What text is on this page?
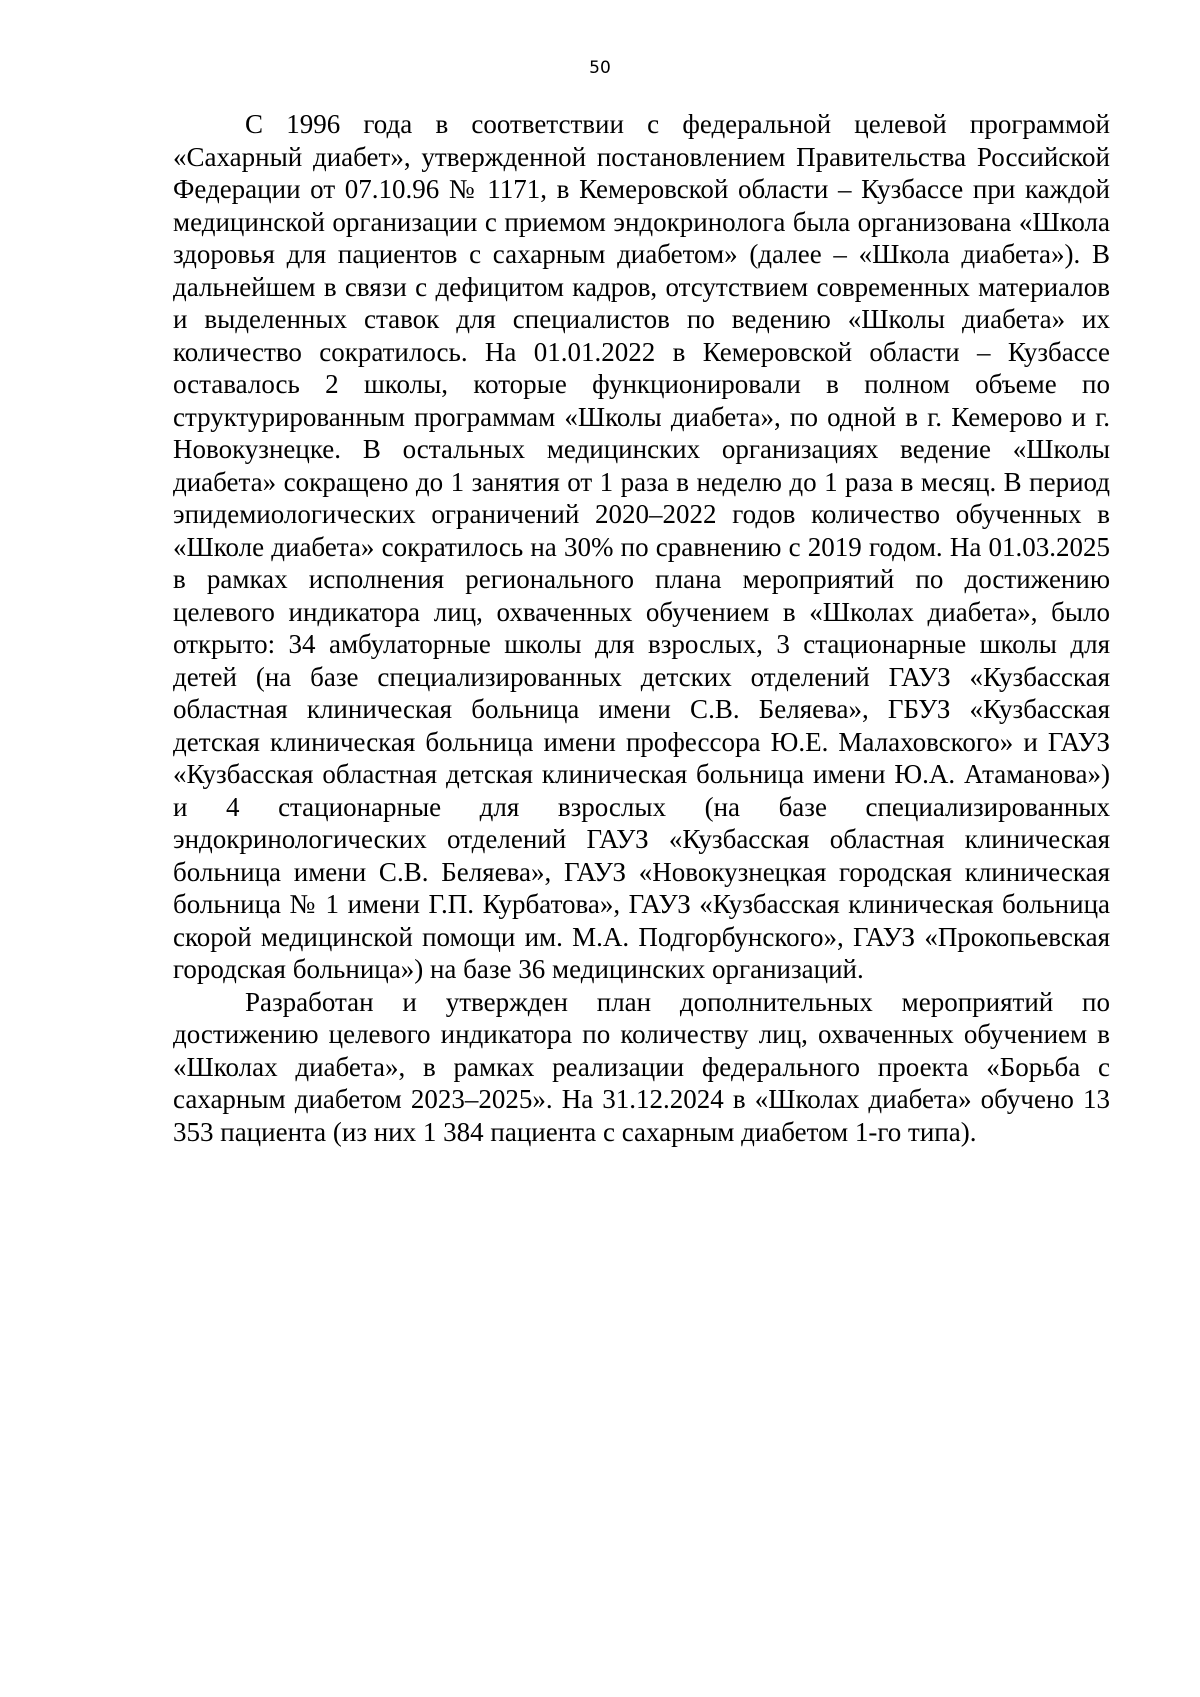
50

С 1996 года в соответствии с федеральной целевой программой «Сахарный диабет», утвержденной постановлением Правительства Российской Федерации от 07.10.96 № 1171, в Кемеровской области – Кузбассе при каждой медицинской организации с приемом эндокринолога была организована «Школа здоровья для пациентов с сахарным диабетом» (далее – «Школа диабета»). В дальнейшем в связи с дефицитом кадров, отсутствием современных материалов и выделенных ставок для специалистов по ведению «Школы диабета» их количество сократилось. На 01.01.2022 в Кемеровской области – Кузбассе оставалось 2 школы, которые функционировали в полном объеме по структурированным программам «Школы диабета», по одной в г. Кемерово и г. Новокузнецке. В остальных медицинских организациях ведение «Школы диабета» сокращено до 1 занятия от 1 раза в неделю до 1 раза в месяц. В период эпидемиологических ограничений 2020–2022 годов количество обученных в «Школе диабета» сократилось на 30% по сравнению с 2019 годом. На 01.03.2025 в рамках исполнения регионального плана мероприятий по достижению целевого индикатора лиц, охваченных обучением в «Школах диабета», было открыто: 34 амбулаторные школы для взрослых, 3 стационарные школы для детей (на базе специализированных детских отделений ГАУЗ «Кузбасская областная клиническая больница имени С.В. Беляева», ГБУЗ «Кузбасская детская клиническая больница имени профессора Ю.Е. Малаховского» и ГАУЗ «Кузбасская областная детская клиническая больница имени Ю.А. Атаманова») и 4 стационарные для взрослых (на базе специализированных эндокринологических отделений ГАУЗ «Кузбасская областная клиническая больница имени С.В. Беляева», ГАУЗ «Новокузнецкая городская клиническая больница № 1 имени Г.П. Курбатова», ГАУЗ «Кузбасская клиническая больница скорой медицинской помощи им. М.А. Подгорбунского», ГАУЗ «Прокопьевская городская больница») на базе 36 медицинских организаций.

Разработан и утвержден план дополнительных мероприятий по достижению целевого индикатора по количеству лиц, охваченных обучением в «Школах диабета», в рамках реализации федерального проекта «Борьба с сахарным диабетом 2023–2025». На 31.12.2024 в «Школах диабета» обучено 13 353 пациента (из них 1 384 пациента с сахарным диабетом 1-го типа).
